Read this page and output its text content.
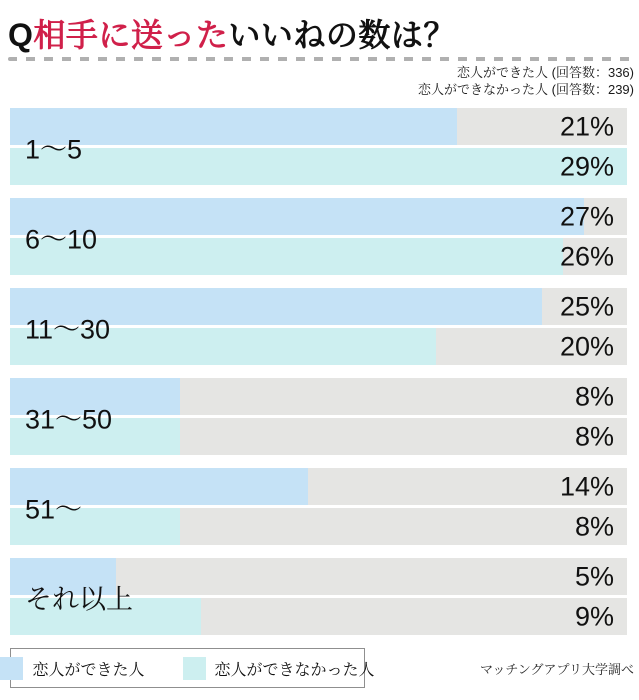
Q相手に送ったいいねの数は？
恋人ができた人 (回答数：336)
恋人ができなかった人 (回答数：239)
21%
29%
1〜5
27%
26%
6〜10
25%
20%
11〜30
8%
8%
31〜50
14%
8%
51〜
5%
9%
それ以上
恋人ができた人	恋人ができなかった人	マッチングアプリ大学調べ
